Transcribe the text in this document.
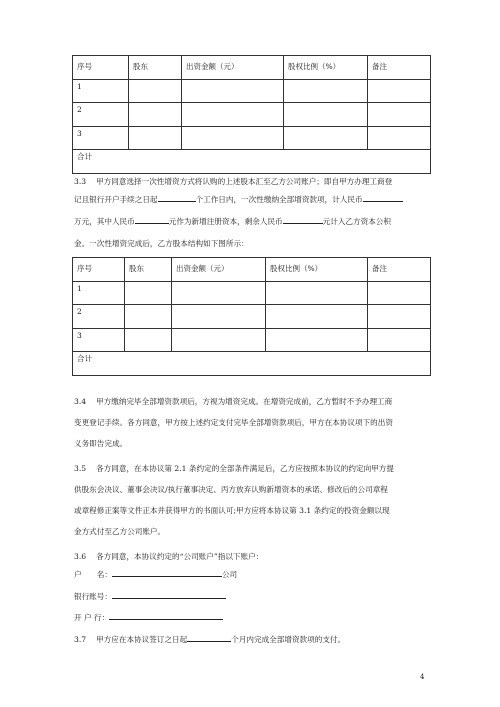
序号	股东	出资金额（元）	股权比例（%）	备注
1				
2				
3				
合计				
3.3　 甲方同意选择一次性增资方式将认购的上述股本汇至乙方公司账户；即自甲方办理工商登
记且银行开户手续之日起	个工作日内，一次性缴纳全部增资款项，计人民币
万元，其中人民币	元作为新增注册资本，剩余人民币	元计入乙方资本公积
金。一次性增资完成后，乙方股本结构如下图所示：
序号	股东	出资金额（元）	股权比例（%）	备注
1				
2				
3				
合计				
3.4　 甲方缴纳完毕全部增资款项后，方视为增资完成。在增资完成前，乙方暂时不予办理工商
变更登记手续。各方同意，甲方按上述约定支付完毕全部增资款项后，甲方在本协议项下的出资
义务即告完成。
3.5　 各方同意，在本协议第 2.1 条约定的全部条件满足后，乙方应按照本协议的约定向甲方提
供股东会决议、董事会决议/执行董事决定、丙方放弃认购新增资本的承诺、修改后的公司章程
或章程修正案等文件正本并获得甲方的书面认可;甲方应将本协议第 3.1 条约定的投资金额以现
金方式付至乙方公司账户。
3.6　 各方同意，本协议约定的“公司账户”指以下账户：
户　　名：	公司
银行账号：
开 户 行：
3.7　 甲方应在本协议签订之日起	个月内完成全部增资款项的支付。
4
